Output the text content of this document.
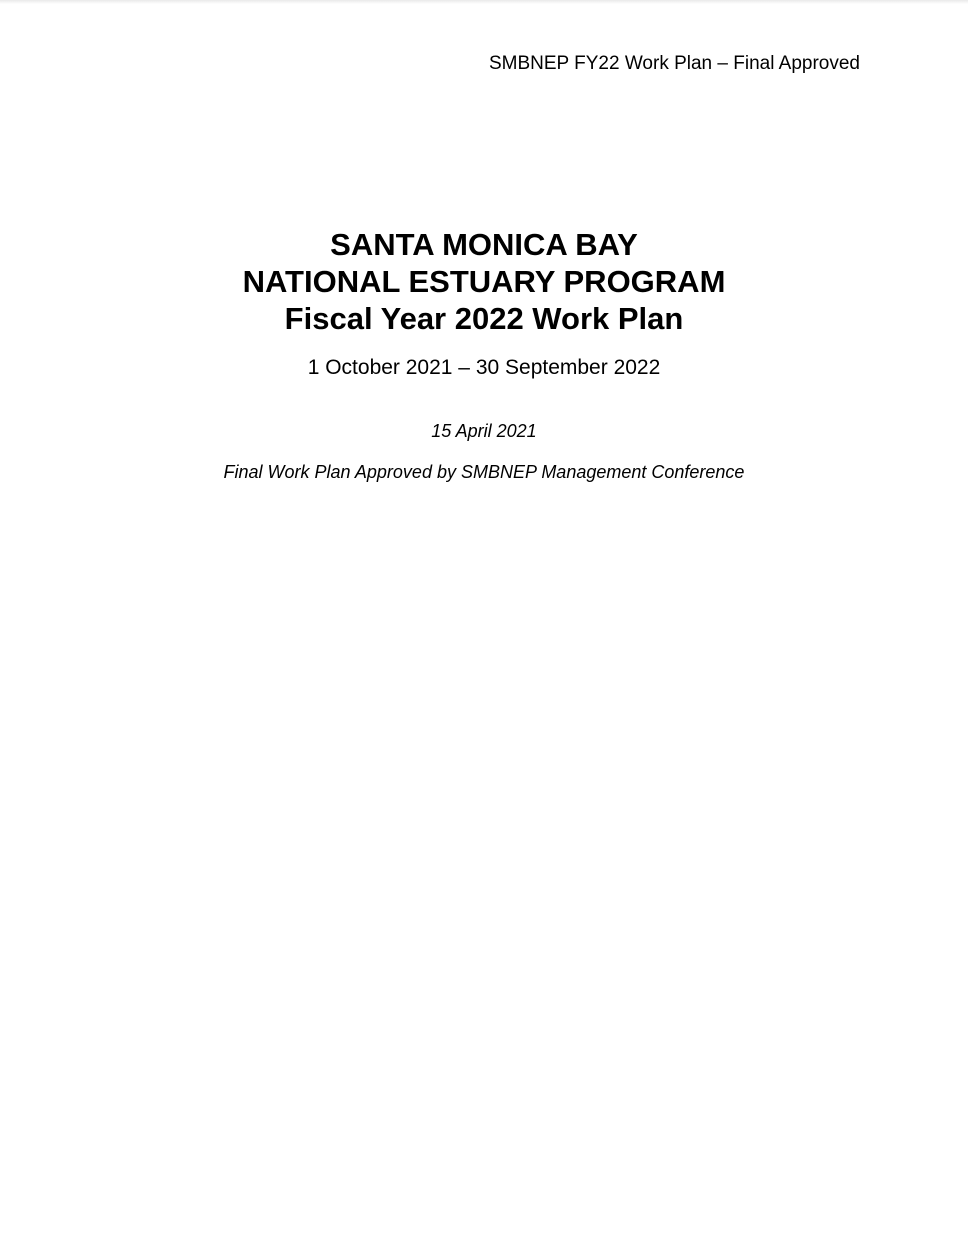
SMBNEP FY22 Work Plan – Final Approved
SANTA MONICA BAY
NATIONAL ESTUARY PROGRAM
Fiscal Year 2022 Work Plan
1 October 2021 – 30 September 2022
15 April 2021
Final Work Plan Approved by SMBNEP Management Conference
